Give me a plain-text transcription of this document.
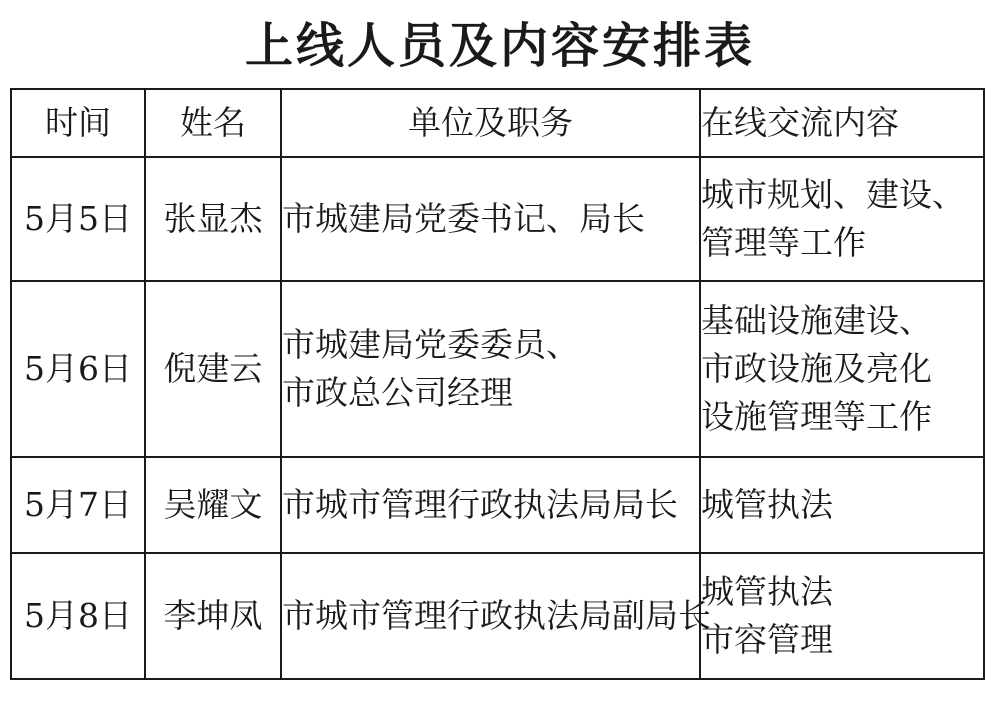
上线人员及内容安排表
时间	姓名	单位及职务	在线交流内容
5月5日	张显杰	市城建局党委书记、局长	城市规划、建设、
管理等工作

5月6日	倪建云	市城建局党委委员、
市政总公司经理	基础设施建设、
市政设施及亮化
设施管理等工作

5月7日	吴耀文	市城市管理行政执法局局长	城管执法

5月8日	李坤凤	市城市管理行政执法局副局长	城管执法
市容管理
